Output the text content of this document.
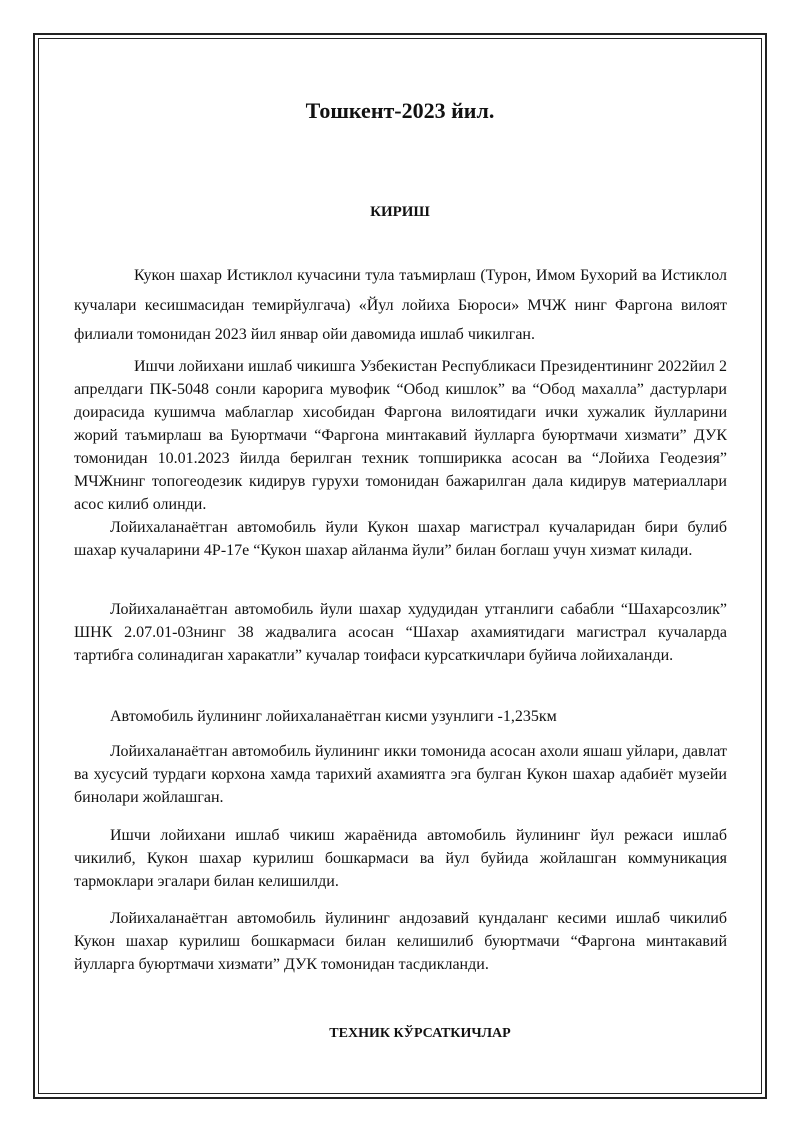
Тошкент-2023 йил.
КИРИШ

Кукон шахар Истиклол кучасини тула таъмирлаш (Турон, Имом Бухорий ва Истиклол кучалари кесишмасидан темирйулгача) «Йул лойиха Бюроси» МЧЖ нинг Фаргона вилоят филиали томонидан 2023 йил январ ойи давомида ишлаб чикилган.

Ишчи лойихани ишлаб чикишга Узбекистан Республикаси Президентининг 2022йил 2 апрелдаги ПК-5048 сонли карорига мувофик “Обод кишлок” ва “Обод махалла” дастурлари доирасида кушимча маблаглар хисобидан Фаргона вилоятидаги ички хужалик йулларини жорий таъмирлаш ва Буюртмачи “Фаргона минтакавий йулларга буюртмачи хизмати” ДУК томонидан 10.01.2023 йилда берилган техник топширикка асосан ва “Лойиха Геодезия” МЧЖнинг топогеодезик кидирув гурухи томонидан бажарилган дала кидирув материаллари асос килиб олинди.

Лойихаланаётган автомобиль йули Кукон шахар магистрал кучаларидан бири булиб шахар кучаларини 4Р-17е “Кукон шахар айланма йули” билан боглаш учун хизмат килади.

Лойихаланаётган автомобиль йули шахар худудидан утганлиги сабабли “Шахарсозлик” ШНК 2.07.01-03нинг 38 жадвалига асосан “Шахар ахамиятидаги магистрал кучаларда тартибга солинадиган харакатли” кучалар тоифаси курсаткичлари буйича лойихаланди.

Автомобиль йулининг лойихаланаётган кисми узунлиги -1,235км

Лойихаланаётган автомобиль йулининг икки томонида асосан ахоли яшаш уйлари, давлат ва хусусий турдаги корхона хамда тарихий ахамиятга эга булган Кукон шахар адабиёт музейи бинолари жойлашган.

Ишчи лойихани ишлаб чикиш жараёнида автомобиль йулининг йул режаси ишлаб чикилиб, Кукон шахар курилиш бошкармаси ва йул буйида жойлашган коммуникация тармоклари эгалари билан келишилди.

Лойихаланаётган автомобиль йулининг андозавий кундаланг кесими ишлаб чикилиб Кукон шахар курилиш бошкармаси билан келишилиб буюртмачи “Фаргона минтакавий йулларга буюртмачи хизмати” ДУК томонидан тасдикланди.

ТЕХНИК КЎРСАТКИЧЛАР
